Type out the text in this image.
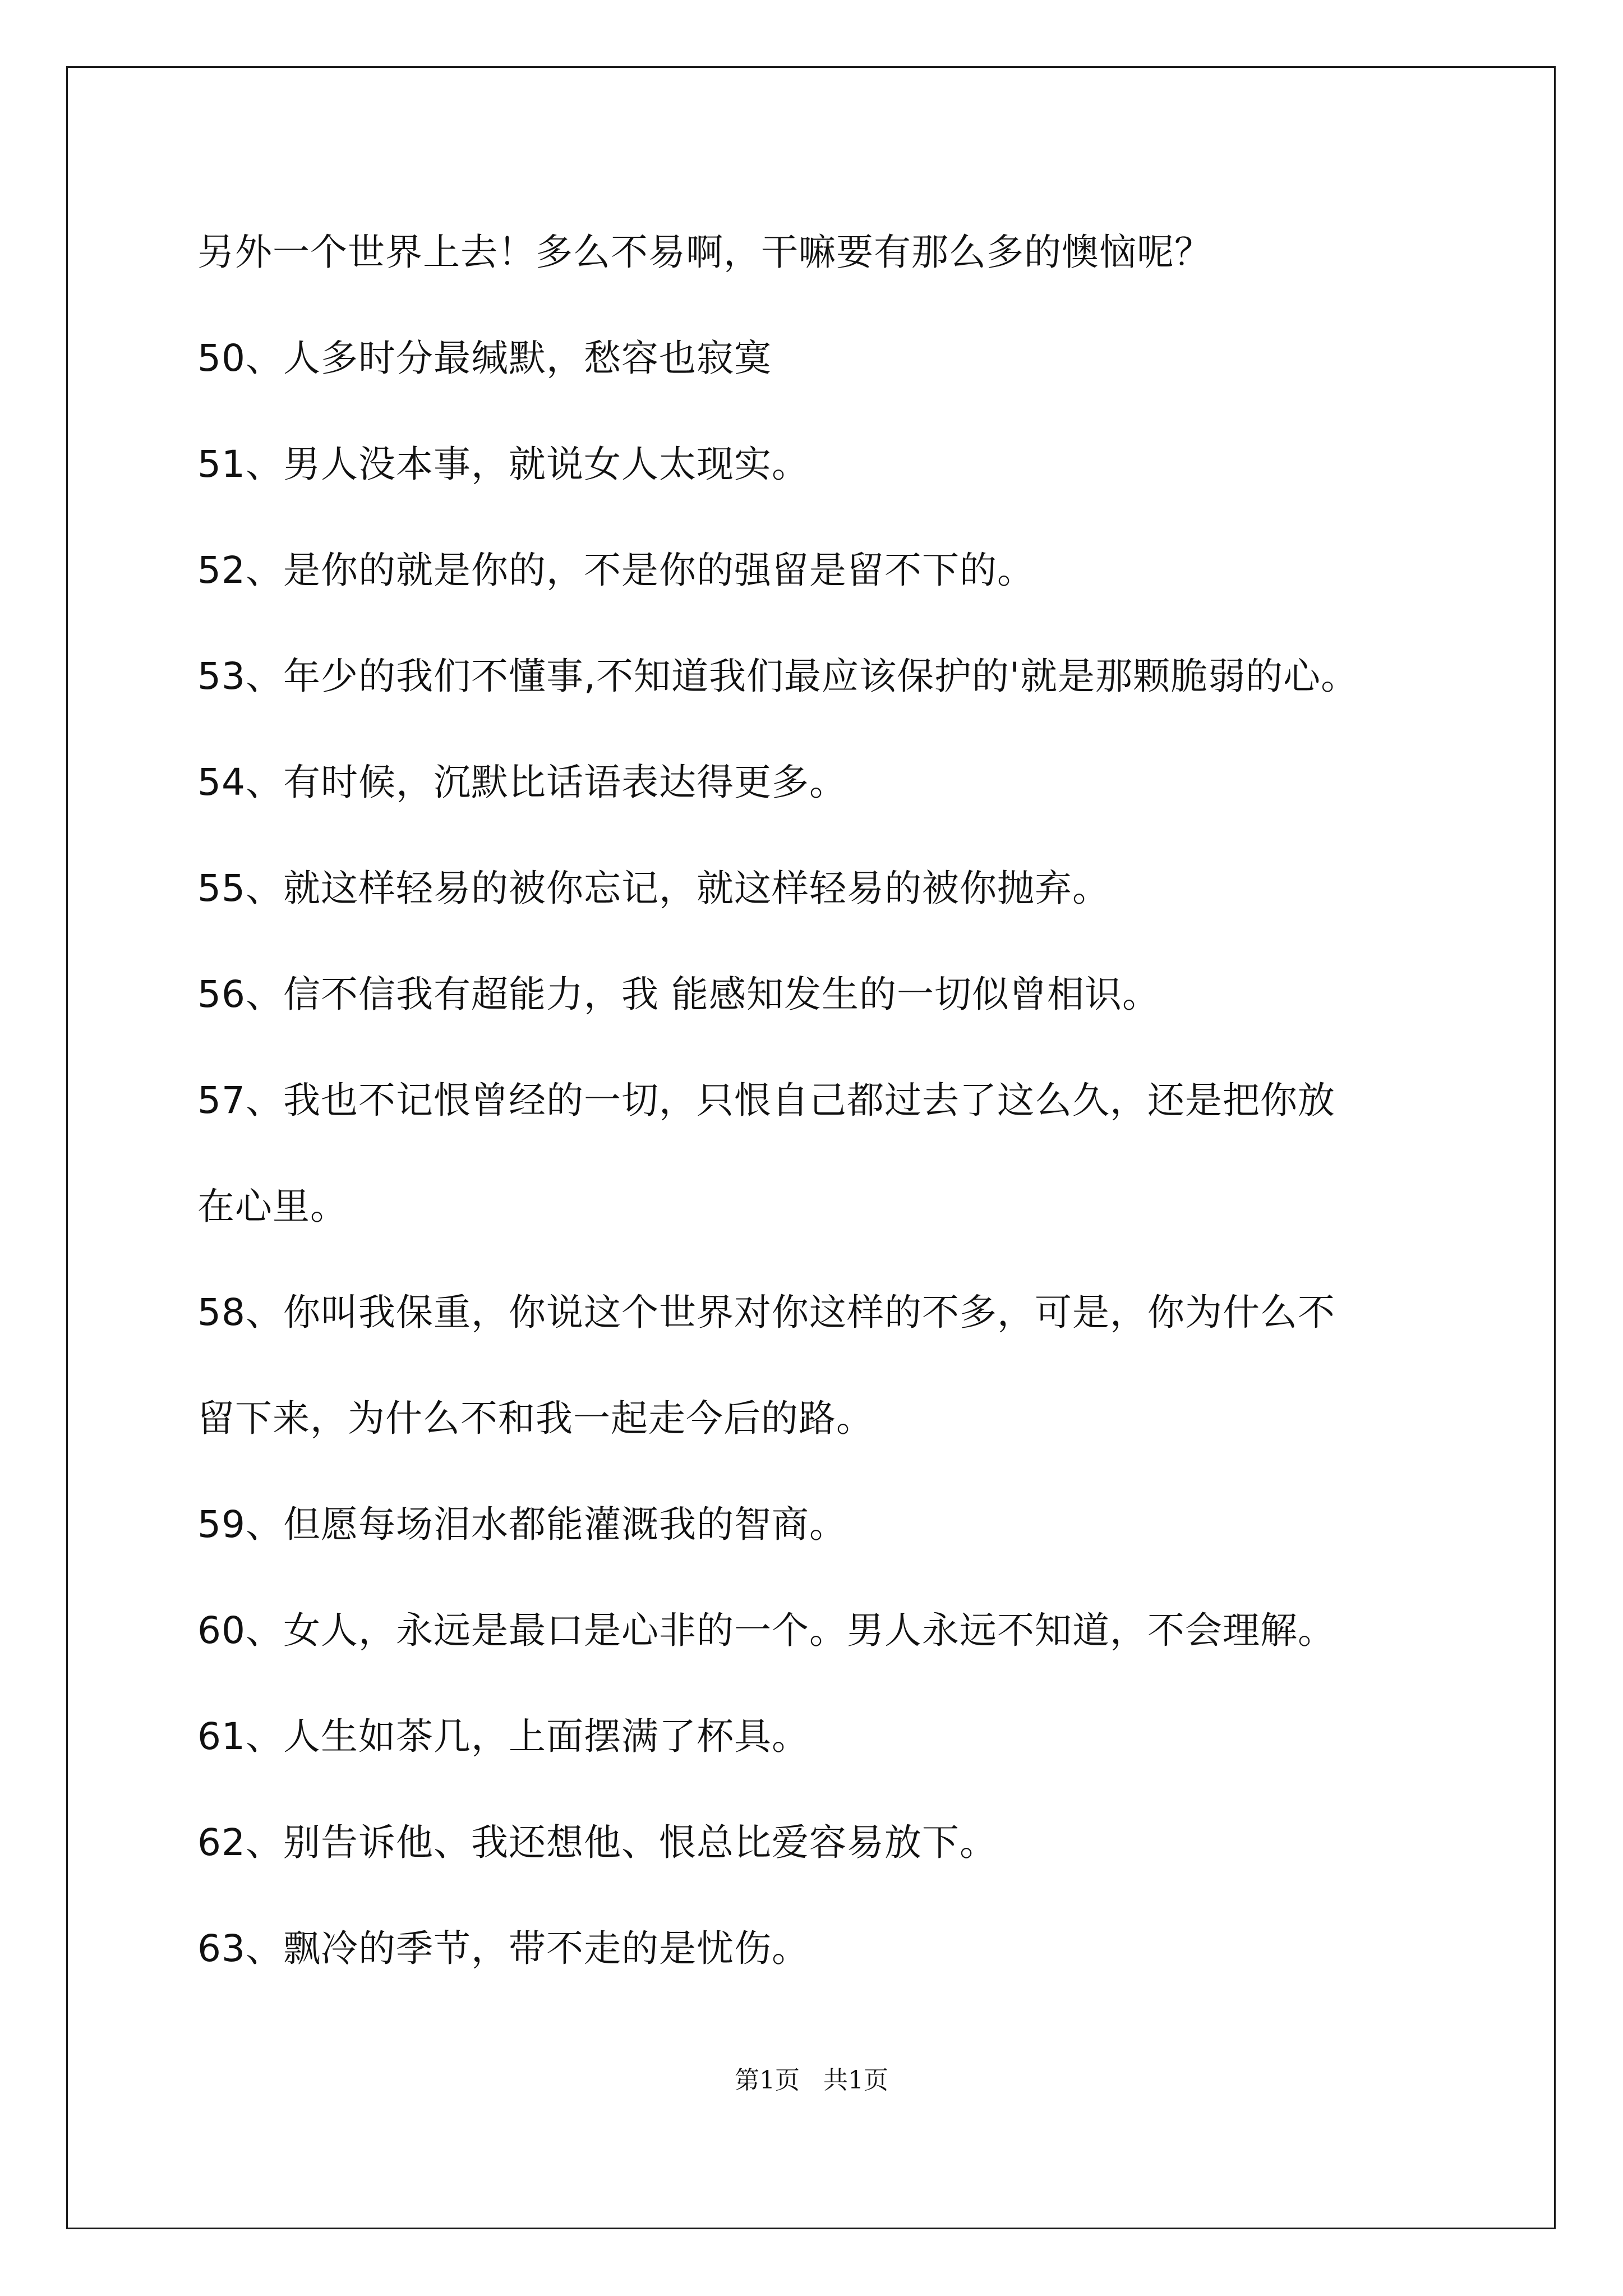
另外一个世界上去！多么不易啊，干嘛要有那么多的懊恼呢？
50、人多时分最缄默，愁容也寂寞
51、男人没本事，就说女人太现实。
52、是你的就是你的，不是你的强留是留不下的。
53、年少的我们不懂事,不知道我们最应该保护的'就是那颗脆弱的心。
54、有时候，沉默比话语表达得更多。
55、就这样轻易的被你忘记，就这样轻易的被你抛弃。
56、信不信我有超能力，我 能感知发生的一切似曾相识。
57、我也不记恨曾经的一切，只恨自己都过去了这么久，还是把你放
在心里。
58、你叫我保重，你说这个世界对你这样的不多，可是，你为什么不
留下来，为什么不和我一起走今后的路。
59、但愿每场泪水都能灌溉我的智商。
60、女人，永远是最口是心非的一个。男人永远不知道，不会理解。
61、人生如茶几，上面摆满了杯具。
62、别告诉他、我还想他、恨总比爱容易放下。
63、飘冷的季节，带不走的是忧伤。
第1页   共1页
